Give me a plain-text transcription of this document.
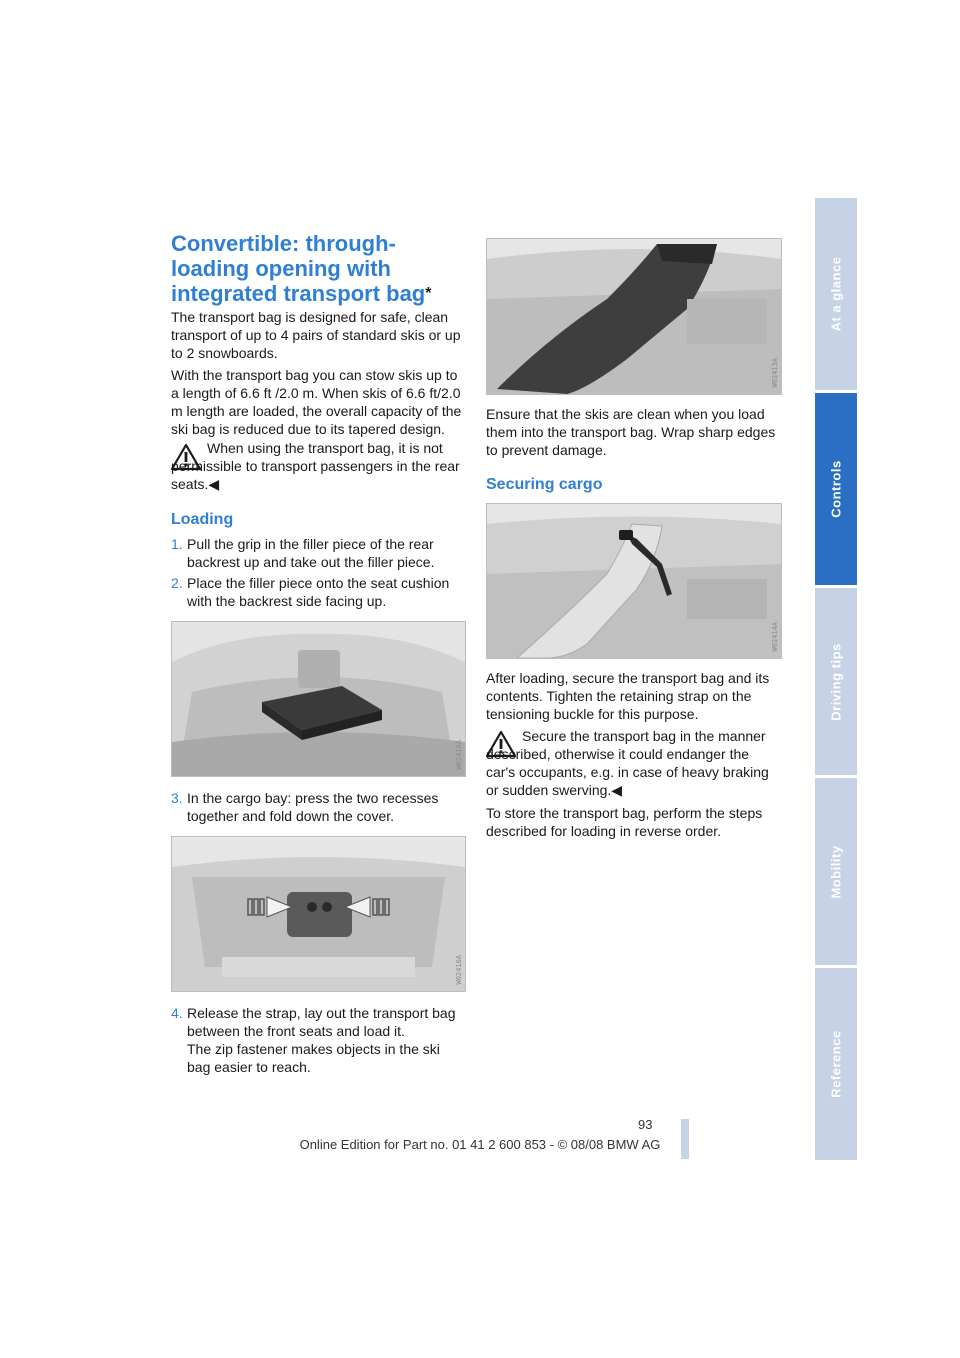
Convertible: through-loading opening with integrated transport bag*
The transport bag is designed for safe, clean transport of up to 4 pairs of standard skis or up to 2 snowboards.
With the transport bag you can stow skis up to a length of 6.6 ft /2.0 m. When skis of 6.6 ft/2.0 m length are loaded, the overall capacity of the ski bag is reduced due to its tapered design.
When using the transport bag, it is not permissible to transport passengers in the rear seats.◀
Loading
1. Pull the grip in the filler piece of the rear backrest up and take out the filler piece.
2. Place the filler piece onto the seat cushion with the backrest side facing up.
W02410A
3. In the cargo bay: press the two recesses together and fold down the cover.
W02416A
4. Release the strap, lay out the transport bag between the front seats and load it.
The zip fastener makes objects in the ski bag easier to reach.
W02413A
Ensure that the skis are clean when you load them into the transport bag. Wrap sharp edges to prevent damage.
Securing cargo
W02414A
After loading, secure the transport bag and its contents. Tighten the retaining strap on the tensioning buckle for this purpose.
Secure the transport bag in the manner described, otherwise it could endanger the car's occupants, e.g. in case of heavy braking or sudden swerving.◀
To store the transport bag, perform the steps described for loading in reverse order.
At a glance
Controls
Driving tips
Mobility
Reference
93
Online Edition for Part no. 01 41 2 600 853 - © 08/08 BMW AG
